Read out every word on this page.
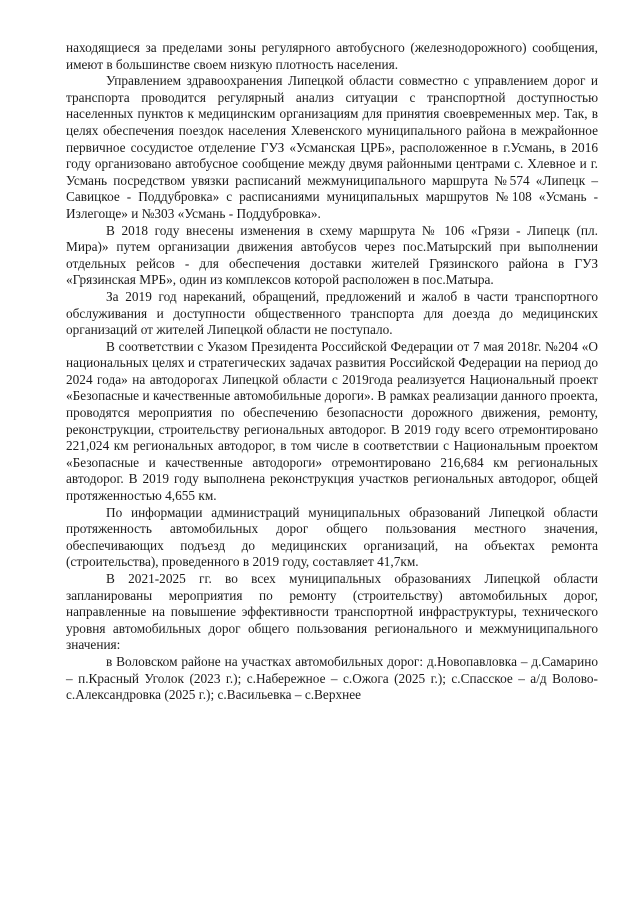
находящиеся за пределами зоны регулярного автобусного (железнодорожного) сообщения, имеют в большинстве своем низкую плотность населения.

Управлением здравоохранения Липецкой области совместно с управлением дорог и транспорта проводится регулярный анализ ситуации с транспортной доступностью населенных пунктов к медицинским организациям для принятия своевременных мер. Так, в целях обеспечения поездок населения Хлевенского муниципального района в межрайонное первичное сосудистое отделение ГУЗ «Усманская ЦРБ», расположенное в г.Усмань, в 2016 году организовано автобусное сообщение между двумя районными центрами с. Хлевное и г. Усмань посредством увязки расписаний межмуниципального маршрута №574 «Липецк – Савицкое - Поддубровка» с расписаниями муниципальных маршрутов №108 «Усмань - Излегоще» и №303 «Усмань - Поддубровка».

В 2018 году внесены изменения в схему маршрута № 106 «Грязи - Липецк (пл. Мира)» путем организации движения автобусов через пос.Матырский при выполнении отдельных рейсов - для обеспечения доставки жителей Грязинского района в ГУЗ «Грязинская МРБ», один из комплексов которой расположен в пос.Матыра.

За 2019 год нареканий, обращений, предложений и жалоб в части транспортного обслуживания и доступности общественного транспорта для доезда до медицинских организаций от жителей Липецкой области не поступало.

В соответствии с Указом Президента Российской Федерации от 7 мая 2018г. №204 «О национальных целях и стратегических задачах развития Российской Федерации на период до 2024 года» на автодорогах Липецкой области с 2019года реализуется Национальный проект «Безопасные и качественные автомобильные дороги». В рамках реализации данного проекта, проводятся мероприятия по обеспечению безопасности дорожного движения, ремонту, реконструкции, строительству региональных автодорог. В 2019 году всего отремонтировано 221,024 км региональных автодорог, в том числе в соответствии с Национальным проектом «Безопасные и качественные автодороги» отремонтировано 216,684 км региональных автодорог. В 2019 году выполнена реконструкция участков региональных автодорог, общей протяженностью 4,655 км.

По информации администраций муниципальных образований Липецкой области протяженность автомобильных дорог общего пользования местного значения, обеспечивающих подъезд до медицинских организаций, на объектах ремонта (строительства), проведенного в 2019 году, составляет 41,7км.

В 2021-2025 гг. во всех муниципальных образованиях Липецкой области запланированы мероприятия по ремонту (строительству) автомобильных дорог, направленные на повышение эффективности транспортной инфраструктуры, технического уровня автомобильных дорог общего пользования регионального и межмуниципального значения:

в Воловском районе на участках автомобильных дорог: д.Новопавловка – д.Самарино – п.Красный Уголок (2023 г.); с.Набережное – с.Ожога (2025 г.); с.Спасское – а/д Волово- с.Александровка (2025 г.); с.Васильевка – с.Верхнее
